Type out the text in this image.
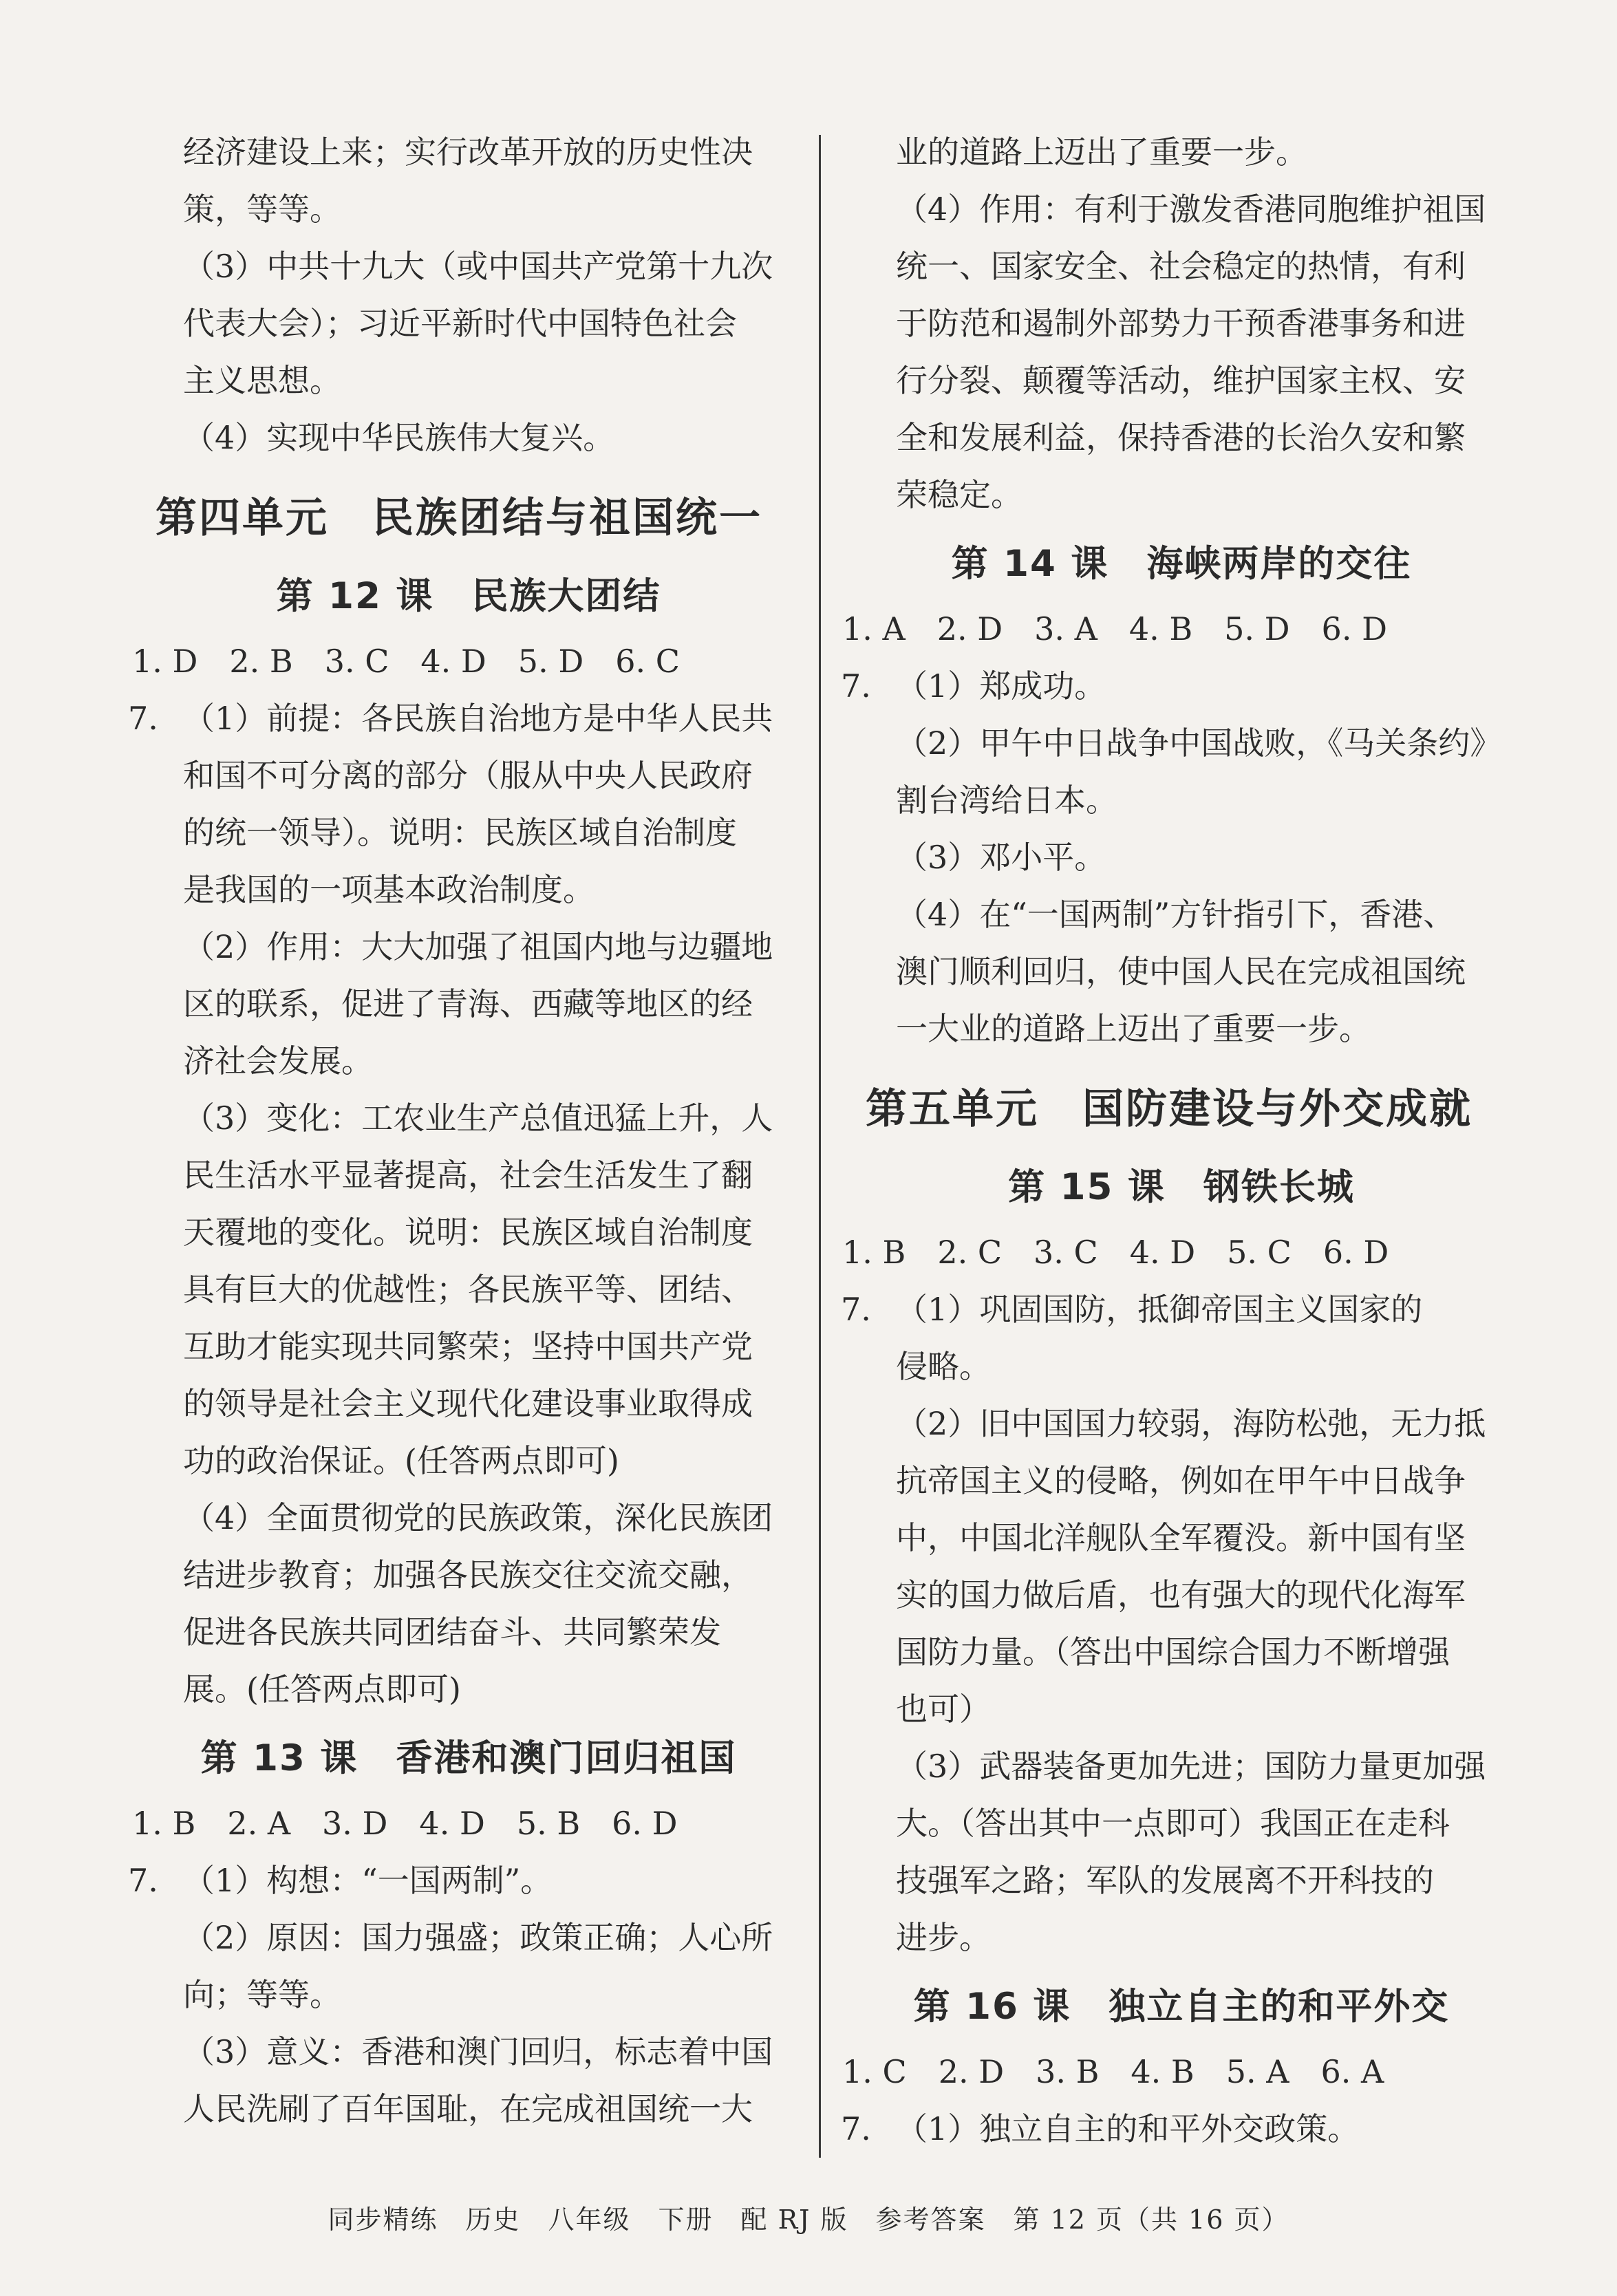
经济建设上来；实行改革开放的历史性决
策，等等。
（3）中共十九大（或中国共产党第十九次
代表大会）；习近平新时代中国特色社会
主义思想。
（4）实现中华民族伟大复兴。
第四单元　民族团结与祖国统一
第 12 课　民族大团结
1. D　2. B　3. C　4. D　5. D　6. C
7. （1）前提：各民族自治地方是中华人民共
和国不可分离的部分（服从中央人民政府
的统一领导）。说明：民族区域自治制度
是我国的一项基本政治制度。
（2）作用：大大加强了祖国内地与边疆地
区的联系，促进了青海、西藏等地区的经
济社会发展。
（3）变化：工农业生产总值迅猛上升，人
民生活水平显著提高，社会生活发生了翻
天覆地的变化。说明：民族区域自治制度
具有巨大的优越性；各民族平等、团结、
互助才能实现共同繁荣；坚持中国共产党
的领导是社会主义现代化建设事业取得成
功的政治保证。(任答两点即可)
（4）全面贯彻党的民族政策，深化民族团
结进步教育；加强各民族交往交流交融，
促进各民族共同团结奋斗、共同繁荣发
展。(任答两点即可)
第 13 课　香港和澳门回归祖国
1. B　2. A　3. D　4. D　5. B　6. D
7. （1）构想：“一国两制”。
（2）原因：国力强盛；政策正确；人心所
向；等等。
（3）意义：香港和澳门回归，标志着中国
人民洗刷了百年国耻，在完成祖国统一大
业的道路上迈出了重要一步。
（4）作用：有利于激发香港同胞维护祖国
统一、国家安全、社会稳定的热情，有利
于防范和遏制外部势力干预香港事务和进
行分裂、颠覆等活动，维护国家主权、安
全和发展利益，保持香港的长治久安和繁
荣稳定。
第 14 课　海峡两岸的交往
1. A　2. D　3. A　4. B　5. D　6. D
7. （1）郑成功。
（2）甲午中日战争中国战败，《马关条约》
割台湾给日本。
（3）邓小平。
（4）在“一国两制”方针指引下，香港、
澳门顺利回归，使中国人民在完成祖国统
一大业的道路上迈出了重要一步。
第五单元　国防建设与外交成就
第 15 课　钢铁长城
1. B　2. C　3. C　4. D　5. C　6. D
7. （1）巩固国防，抵御帝国主义国家的
侵略。
（2）旧中国国力较弱，海防松弛，无力抵
抗帝国主义的侵略，例如在甲午中日战争
中，中国北洋舰队全军覆没。新中国有坚
实的国力做后盾，也有强大的现代化海军
国防力量。（答出中国综合国力不断增强
也可）
（3）武器装备更加先进；国防力量更加强
大。（答出其中一点即可）我国正在走科
技强军之路；军队的发展离不开科技的
进步。
第 16 课　独立自主的和平外交
1. C　2. D　3. B　4. B　5. A　6. A
7. （1）独立自主的和平外交政策。
同步精练　历史　八年级　下册　配 RJ 版　参考答案　第 12 页（共 16 页）
